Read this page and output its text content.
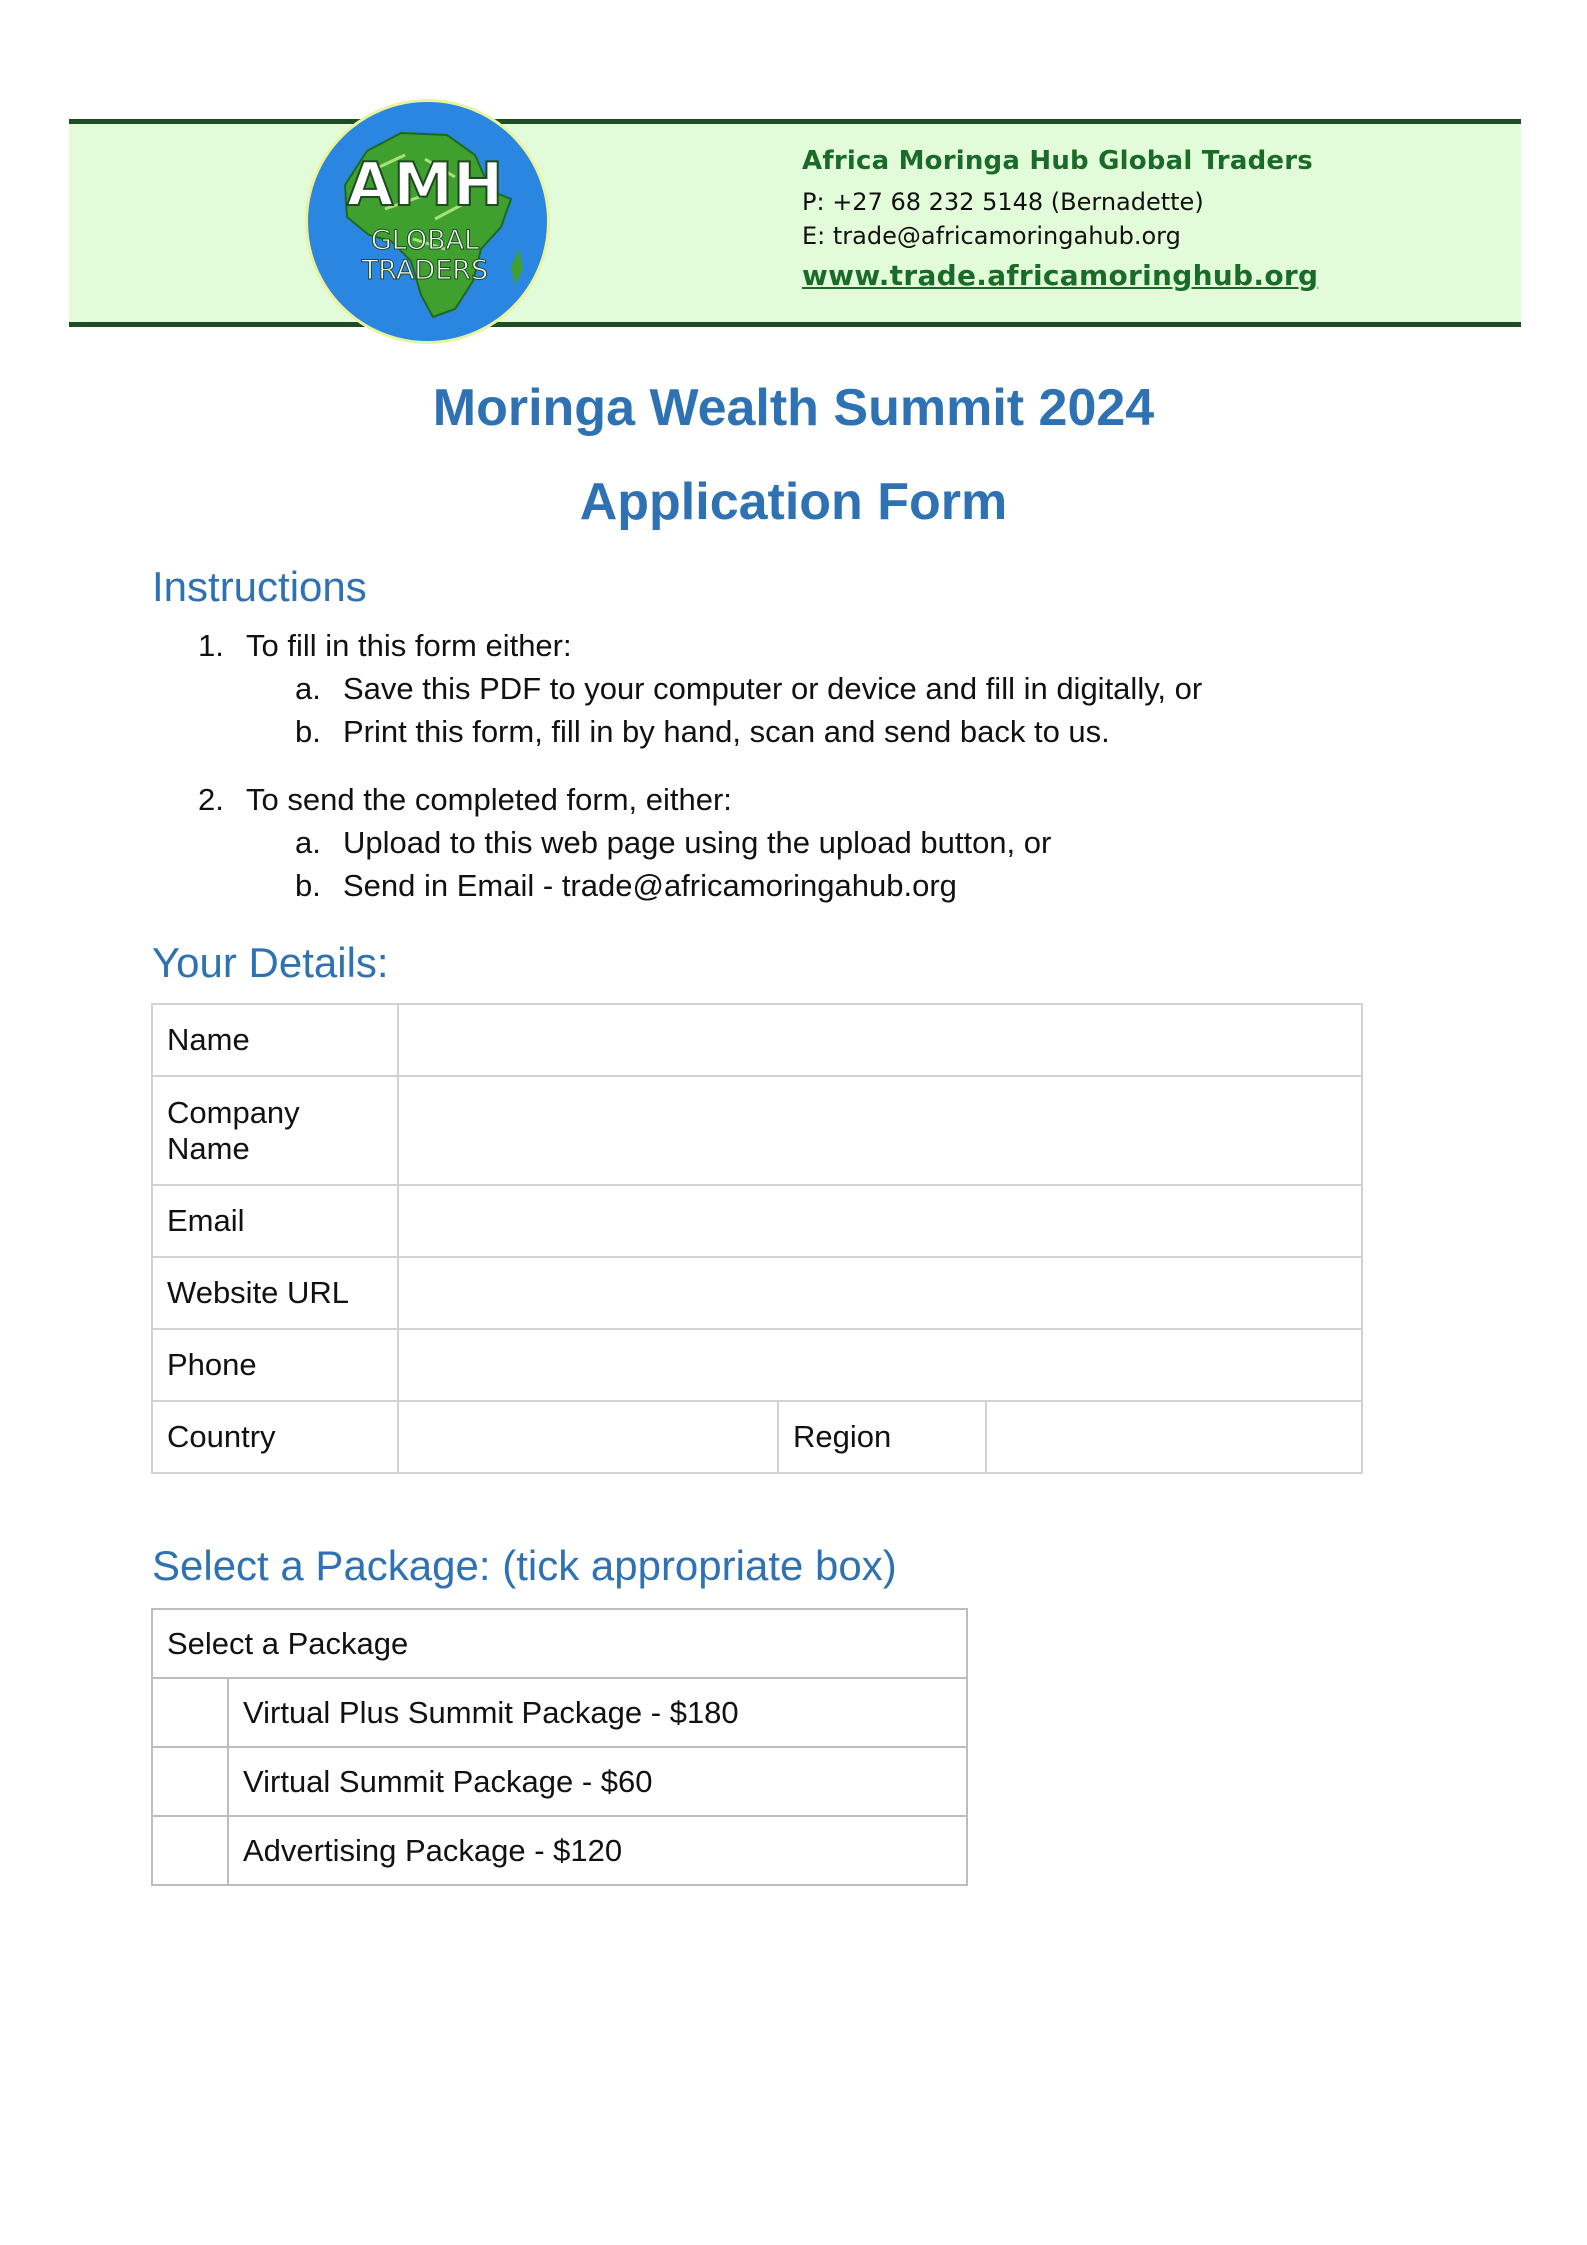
AMH
GLOBAL
TRADERS
Africa Moringa Hub Global Traders
P: +27 68 232 5148 (Bernadette)
E: trade@africamoringahub.org
www.trade.africamoringhub.org
Moringa Wealth Summit 2024
Application Form
Instructions
1. To fill in this form either:
a. Save this PDF to your computer or device and fill in digitally, or
b. Print this form, fill in by hand, scan and send back to us.
2. To send the completed form, either:
a. Upload to this web page using the upload button, or
b. Send in Email - trade@africamoringahub.org
Your Details:
Name			
Company Name			
Email			
Website URL			
Phone			
Country		Region	
Select a Package: (tick appropriate box)
Select a Package	
	Virtual Plus Summit Package - $180
	Virtual Summit Package - $60
	Advertising Package - $120
